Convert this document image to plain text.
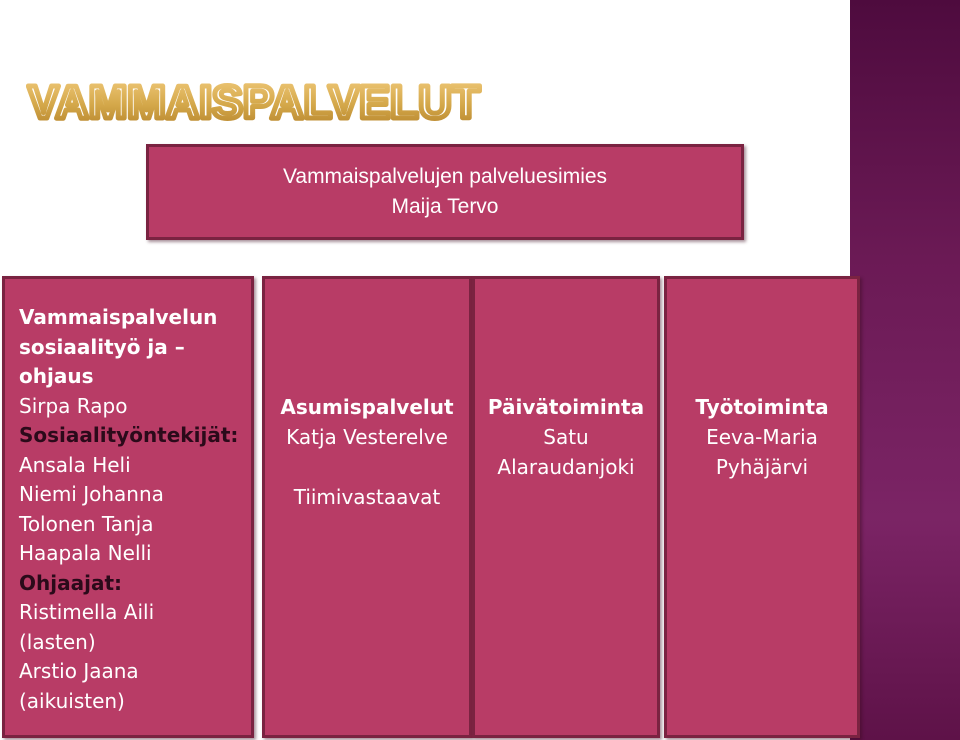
VAMMAISPALVELUT
Vammaispalvelujen palveluesimies
Maija Tervo
Vammaispalvelun
sosiaalityö ja –
ohjaus
Sirpa Rapo
Sosiaalityöntekijät:
Ansala Heli
Niemi Johanna
Tolonen Tanja
Haapala Nelli
Ohjaajat:
Ristimella Aili
(lasten)
Arstio Jaana
(aikuisten)
Asumispalvelut
Katja Vesterelve
Tiimivastaavat
Päivätoiminta
Satu
Alaraudanjoki
Työtoiminta
Eeva-Maria
Pyhäjärvi
